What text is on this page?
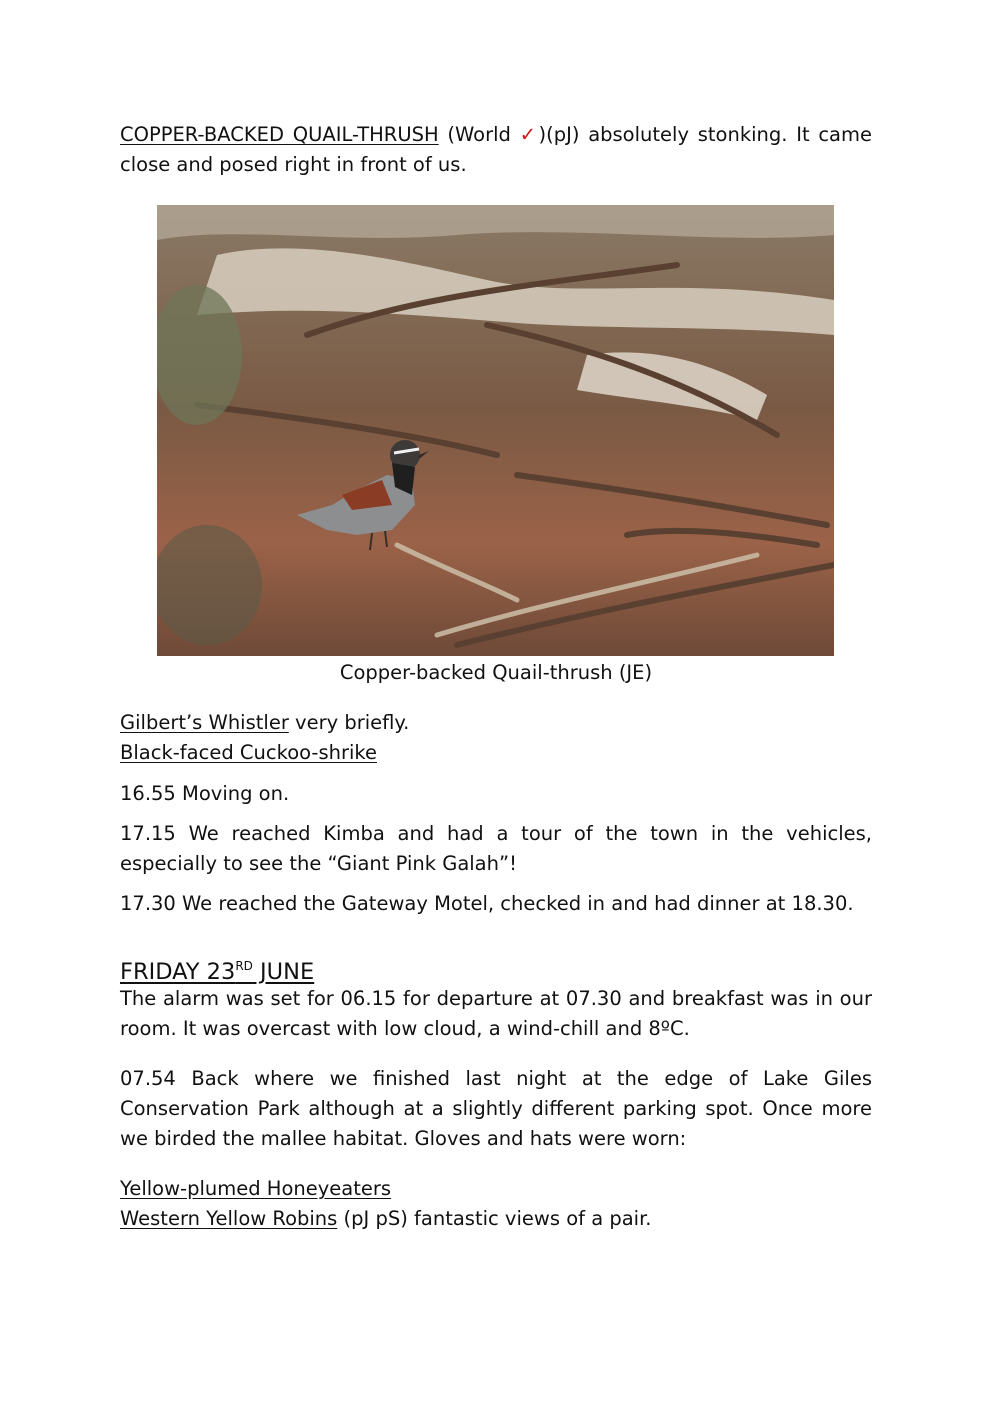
COPPER-BACKED QUAIL-THRUSH (World ✓)(pJ) absolutely stonking. It came close and posed right in front of us.

Copper-backed Quail-thrush (JE)

Gilbert’s Whistler very briefly.

Black-faced Cuckoo-shrike

16.55 Moving on.

17.15 We reached Kimba and had a tour of the town in the vehicles, especially to see the “Giant Pink Galah”!

17.30 We reached the Gateway Motel, checked in and had dinner at 18.30.

FRIDAY 23RD JUNE

The alarm was set for 06.15 for departure at 07.30 and breakfast was in our room. It was overcast with low cloud, a wind-chill and 8ºC.

07.54 Back where we finished last night at the edge of Lake Giles Conservation Park although at a slightly different parking spot. Once more we birded the mallee habitat. Gloves and hats were worn:

Yellow-plumed Honeyeaters

Western Yellow Robins (pJ pS) fantastic views of a pair.
